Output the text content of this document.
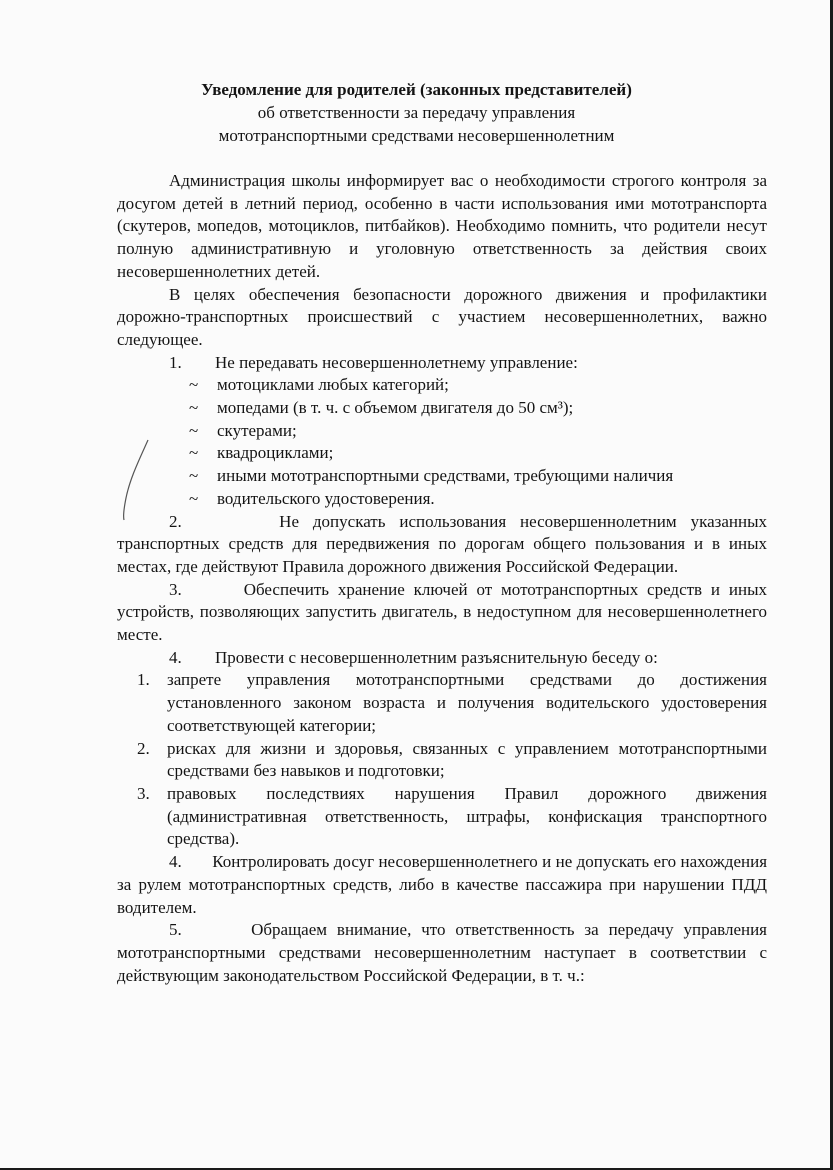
Уведомление для родителей (законных представителей)
об ответственности за передачу управления
мототранспортными средствами несовершеннолетним

Администрация школы информирует вас о необходимости строгого контроля за досугом детей в летний период, особенно в части использования ими мототранспорта (скутеров, мопедов, мотоциклов, питбайков). Необходимо помнить, что родители несут полную административную и уголовную ответственность за действия своих несовершеннолетних детей.

В целях обеспечения безопасности дорожного движения и профилактики дорожно-транспортных происшествий с участием несовершеннолетних, важно следующее.

1.	Не передавать несовершеннолетнему управление:
~	мотоциклами любых категорий;
~	мопедами (в т. ч. с объемом двигателя до 50 см³);
~	скутерами;
~	квадроциклами;
~	иными мототранспортными средствами, требующими наличия
~	водительского удостоверения.

2.	Не допускать использования несовершеннолетним указанных транспортных средств для передвижения по дорогам общего пользования и в иных местах, где действуют Правила дорожного движения Российской Федерации.

3.	Обеспечить хранение ключей от мототранспортных средств и иных устройств, позволяющих запустить двигатель, в недоступном для несовершеннолетнего месте.

4.	Провести с несовершеннолетним разъяснительную беседу о:
1.	запрете управления мототранспортными средствами до достижения установленного законом возраста и получения водительского удостоверения соответствующей категории;
2.	рисках для жизни и здоровья, связанных с управлением мототранспортными средствами без навыков и подготовки;
3.	правовых последствиях нарушения Правил дорожного движения (административная ответственность, штрафы, конфискация транспортного средства).

4. Контролировать досуг несовершеннолетнего и не допускать его нахождения за рулем мототранспортных средств, либо в качестве пассажира при нарушении ПДД водителем.

5.	Обращаем внимание, что ответственность за передачу управления мототранспортными средствами несовершеннолетним наступает в соответствии с действующим законодательством Российской Федерации, в т. ч.:
